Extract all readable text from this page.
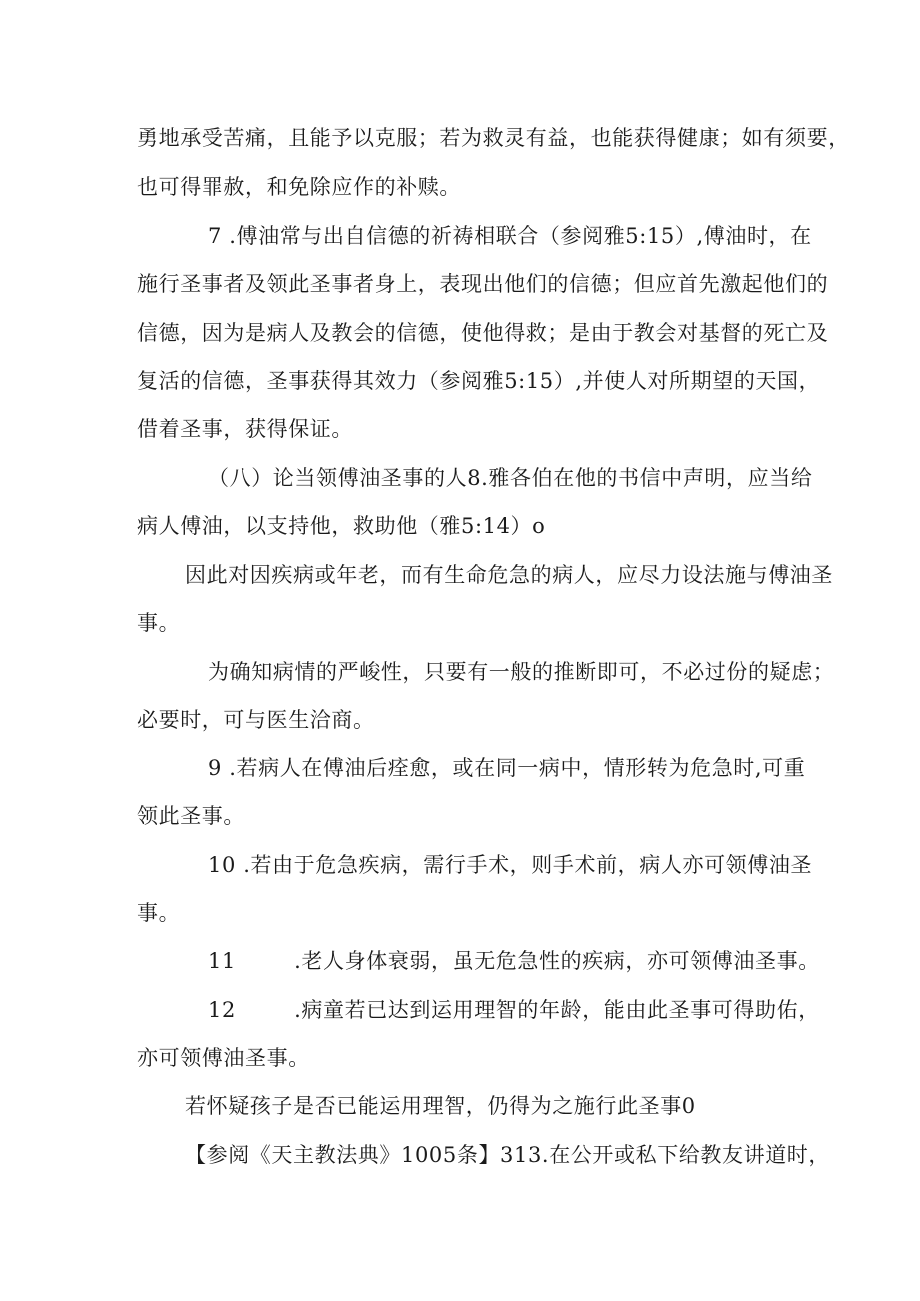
勇地承受苦痛，且能予以克服；若为救灵有益，也能获得健康；如有须要，
也可得罪赦，和免除应作的补赎。
7 .傅油常与出自信德的祈祷相联合（参阅雅5:15）,傅油时，在
施行圣事者及领此圣事者身上，表现出他们的信德；但应首先激起他们的
信德，因为是病人及教会的信德，使他得救；是由于教会对基督的死亡及
复活的信德，圣事获得其效力（参阅雅5:15）,并使人对所期望的天国，
借着圣事，获得保证。
（八）论当领傅油圣事的人8.雅各伯在他的书信中声明，应当给
病人傅油，以支持他，救助他（雅5:14）o
因此对因疾病或年老，而有生命危急的病人，应尽力设法施与傅油圣
事。
为确知病情的严峻性，只要有一般的推断即可，不必过份的疑虑；
必要时，可与医生洽商。
9 .若病人在傅油后痊愈，或在同一病中，情形转为危急时,可重
领此圣事。
10 .若由于危急疾病，需行手术，则手术前，病人亦可领傅油圣
事。
11        .老人身体衰弱，虽无危急性的疾病，亦可领傅油圣事。
12        .病童若已达到运用理智的年龄，能由此圣事可得助佑，
亦可领傅油圣事。
若怀疑孩子是否已能运用理智，仍得为之施行此圣事0
【参阅《天主教法典》1005条】313.在公开或私下给教友讲道时，
